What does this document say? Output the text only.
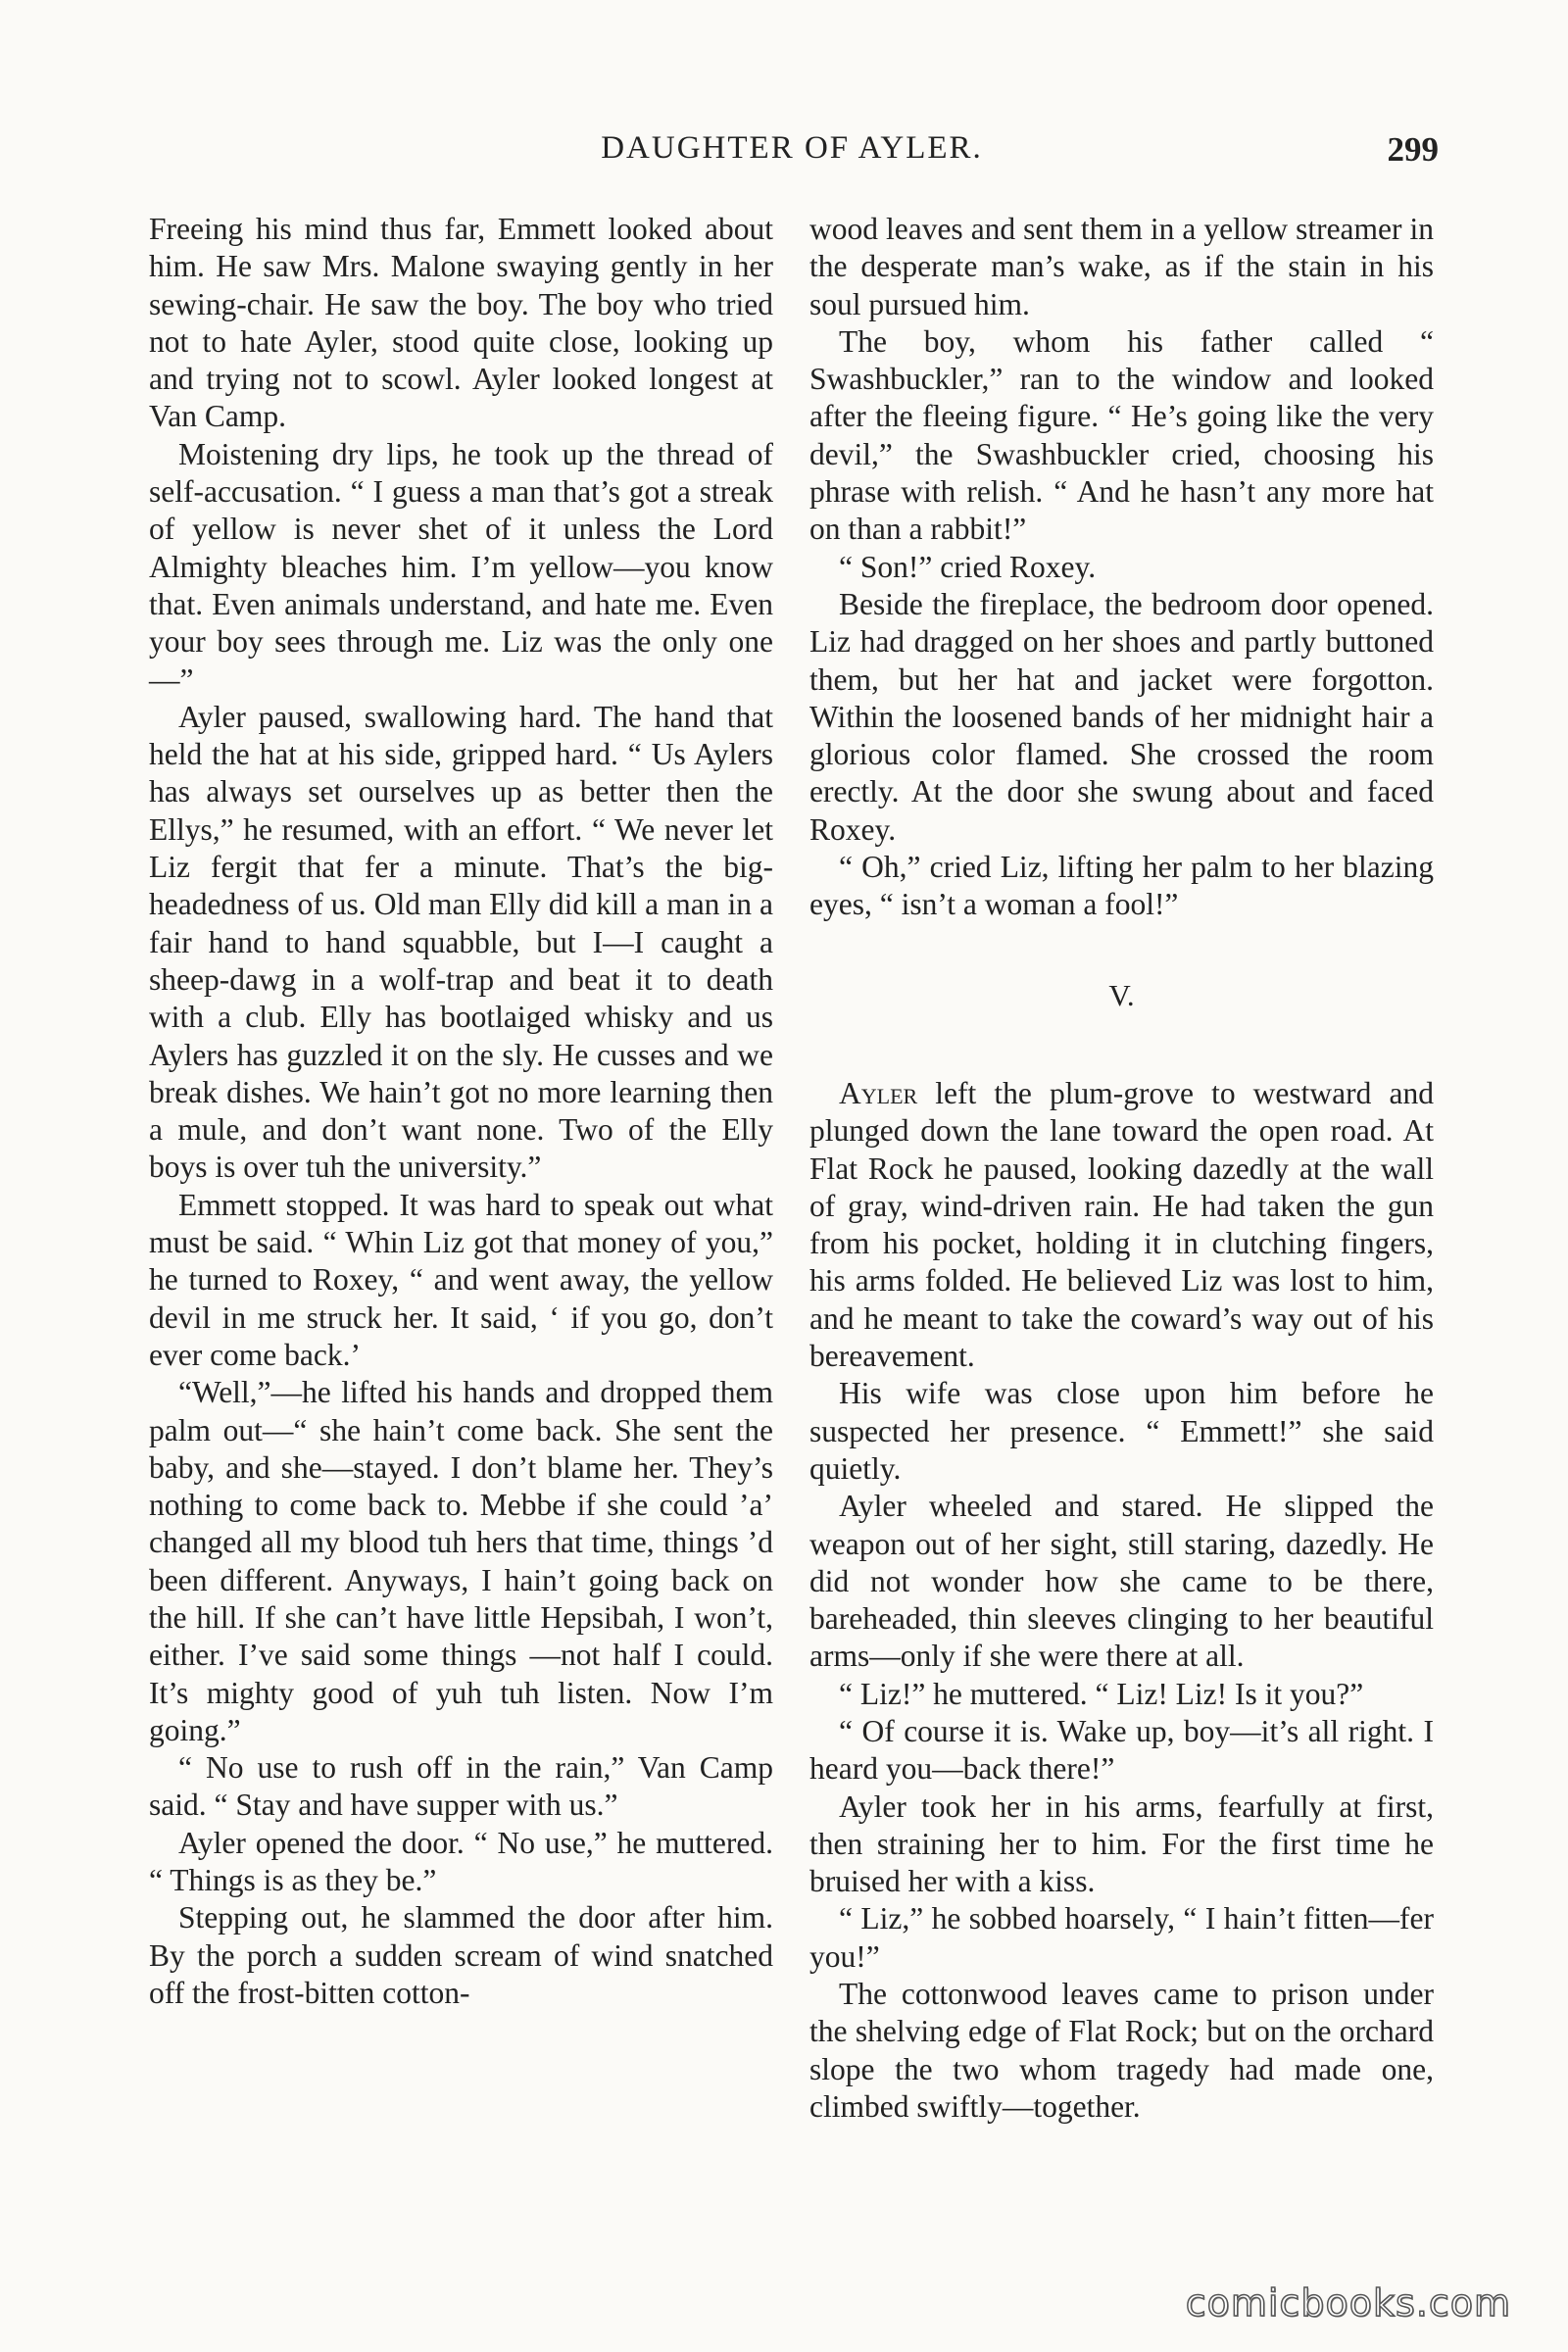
DAUGHTER OF AYLER.	299

Freeing his mind thus far, Emmett looked about him. He saw Mrs. Malone swaying gently in her sewing-chair. He saw the boy. The boy who tried not to hate Ayler, stood quite close, looking up and trying not to scowl. Ayler looked longest at Van Camp.

Moistening dry lips, he took up the thread of self-accusation. “ I guess a man that’s got a streak of yellow is never shet of it unless the Lord Almighty bleaches him. I’m yellow—you know that. Even animals understand, and hate me. Even your boy sees through me. Liz was the only one—”

Ayler paused, swallowing hard. The hand that held the hat at his side, gripped hard. “ Us Aylers has always set ourselves up as better then the Ellys,” he resumed, with an effort. “ We never let Liz fergit that fer a minute. That’s the big-headedness of us. Old man Elly did kill a man in a fair hand to hand squabble, but I—I caught a sheep-dawg in a wolf-trap and beat it to death with a club. Elly has bootlaiged whisky and us Aylers has guzzled it on the sly. He cusses and we break dishes. We hain’t got no more learning then a mule, and don’t want none. Two of the Elly boys is over tuh the university.”

Emmett stopped. It was hard to speak out what must be said. “ Whin Liz got that money of you,” he turned to Roxey, “ and went away, the yellow devil in me struck her. It said, ‘ if you go, don’t ever come back.’

“Well,”—he lifted his hands and dropped them palm out—“ she hain’t come back. She sent the baby, and she—stayed. I don’t blame her. They’s nothing to come back to. Mebbe if she could ’a’ changed all my blood tuh hers that time, things ’d been different. Anyways, I hain’t going back on the hill. If she can’t have little Hepsibah, I won’t, either. I’ve said some things —not half I could. It’s mighty good of yuh tuh listen. Now I’m going.”

“ No use to rush off in the rain,” Van Camp said. “ Stay and have supper with us.”

Ayler opened the door. “ No use,” he muttered. “ Things is as they be.”

Stepping out, he slammed the door after him. By the porch a sudden scream of wind snatched off the frost-bitten cotton-

wood leaves and sent them in a yellow streamer in the desperate man’s wake, as if the stain in his soul pursued him.

The boy, whom his father called “ Swashbuckler,” ran to the window and looked after the fleeing figure. “ He’s going like the very devil,” the Swashbuckler cried, choosing his phrase with relish. “ And he hasn’t any more hat on than a rabbit!”

“ Son!” cried Roxey.

Beside the fireplace, the bedroom door opened. Liz had dragged on her shoes and partly buttoned them, but her hat and jacket were forgotton. Within the loosened bands of her midnight hair a glorious color flamed. She crossed the room erectly. At the door she swung about and faced Roxey.

“ Oh,” cried Liz, lifting her palm to her blazing eyes, “ isn’t a woman a fool!”

V.

Ayler left the plum-grove to westward and plunged down the lane toward the open road. At Flat Rock he paused, looking dazedly at the wall of gray, wind-driven rain. He had taken the gun from his pocket, holding it in clutching fingers, his arms folded. He believed Liz was lost to him, and he meant to take the coward’s way out of his bereavement.

His wife was close upon him before he suspected her presence. “ Emmett!” she said quietly.

Ayler wheeled and stared. He slipped the weapon out of her sight, still staring, dazedly. He did not wonder how she came to be there, bareheaded, thin sleeves clinging to her beautiful arms—only if she were there at all.

“ Liz!” he muttered. “ Liz! Liz! Is it you?”

“ Of course it is. Wake up, boy—it’s all right. I heard you—back there!”

Ayler took her in his arms, fearfully at first, then straining her to him. For the first time he bruised her with a kiss.

“ Liz,” he sobbed hoarsely, “ I hain’t fitten—fer you!”

The cottonwood leaves came to prison under the shelving edge of Flat Rock; but on the orchard slope the two whom tragedy had made one, climbed swiftly—together.

comicbooks.com
